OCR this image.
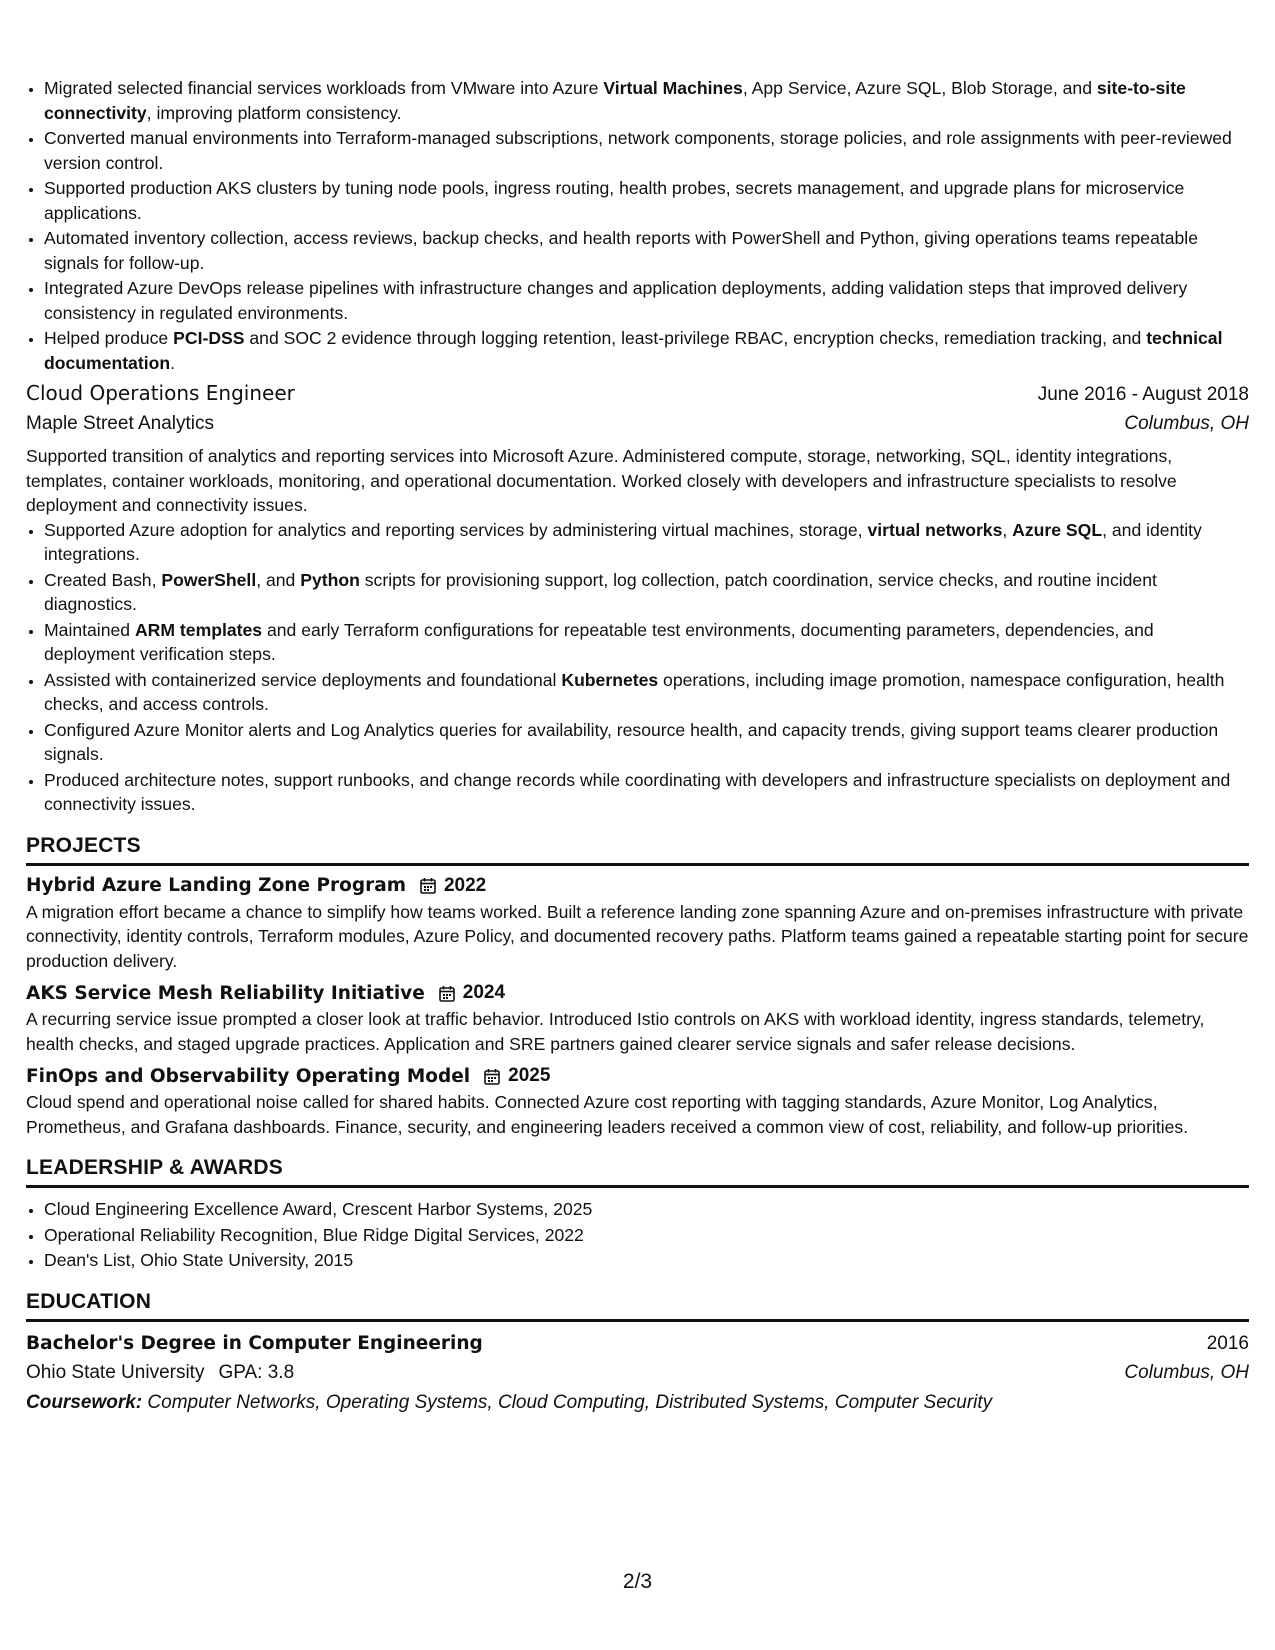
• Migrated selected financial services workloads from VMware into Azure Virtual Machines, App Service, Azure SQL, Blob Storage, and site-to-site connectivity, improving platform consistency.
• Converted manual environments into Terraform-managed subscriptions, network components, storage policies, and role assignments with peer-reviewed version control.
• Supported production AKS clusters by tuning node pools, ingress routing, health probes, secrets management, and upgrade plans for microservice applications.
• Automated inventory collection, access reviews, backup checks, and health reports with PowerShell and Python, giving operations teams repeatable signals for follow-up.
• Integrated Azure DevOps release pipelines with infrastructure changes and application deployments, adding validation steps that improved delivery consistency in regulated environments.
• Helped produce PCI-DSS and SOC 2 evidence through logging retention, least-privilege RBAC, encryption checks, remediation tracking, and technical documentation.
Cloud Operations Engineer	June 2016 - August 2018
Maple Street Analytics	Columbus, OH
Supported transition of analytics and reporting services into Microsoft Azure. Administered compute, storage, networking, SQL, identity integrations, templates, container workloads, monitoring, and operational documentation. Worked closely with developers and infrastructure specialists to resolve deployment and connectivity issues.
• Supported Azure adoption for analytics and reporting services by administering virtual machines, storage, virtual networks, Azure SQL, and identity integrations.
• Created Bash, PowerShell, and Python scripts for provisioning support, log collection, patch coordination, service checks, and routine incident diagnostics.
• Maintained ARM templates and early Terraform configurations for repeatable test environments, documenting parameters, dependencies, and deployment verification steps.
• Assisted with containerized service deployments and foundational Kubernetes operations, including image promotion, namespace configuration, health checks, and access controls.
• Configured Azure Monitor alerts and Log Analytics queries for availability, resource health, and capacity trends, giving support teams clearer production signals.
• Produced architecture notes, support runbooks, and change records while coordinating with developers and infrastructure specialists on deployment and connectivity issues.
PROJECTS
Hybrid Azure Landing Zone Program 2022
A migration effort became a chance to simplify how teams worked. Built a reference landing zone spanning Azure and on-premises infrastructure with private connectivity, identity controls, Terraform modules, Azure Policy, and documented recovery paths. Platform teams gained a repeatable starting point for secure production delivery.
AKS Service Mesh Reliability Initiative 2024
A recurring service issue prompted a closer look at traffic behavior. Introduced Istio controls on AKS with workload identity, ingress standards, telemetry, health checks, and staged upgrade practices. Application and SRE partners gained clearer service signals and safer release decisions.
FinOps and Observability Operating Model 2025
Cloud spend and operational noise called for shared habits. Connected Azure cost reporting with tagging standards, Azure Monitor, Log Analytics, Prometheus, and Grafana dashboards. Finance, security, and engineering leaders received a common view of cost, reliability, and follow-up priorities.
LEADERSHIP & AWARDS
• Cloud Engineering Excellence Award, Crescent Harbor Systems, 2025
• Operational Reliability Recognition, Blue Ridge Digital Services, 2022
• Dean's List, Ohio State University, 2015
EDUCATION
Bachelor's Degree in Computer Engineering	2016
Ohio State University GPA: 3.8	Columbus, OH
Coursework: Computer Networks, Operating Systems, Cloud Computing, Distributed Systems, Computer Security
2/3
